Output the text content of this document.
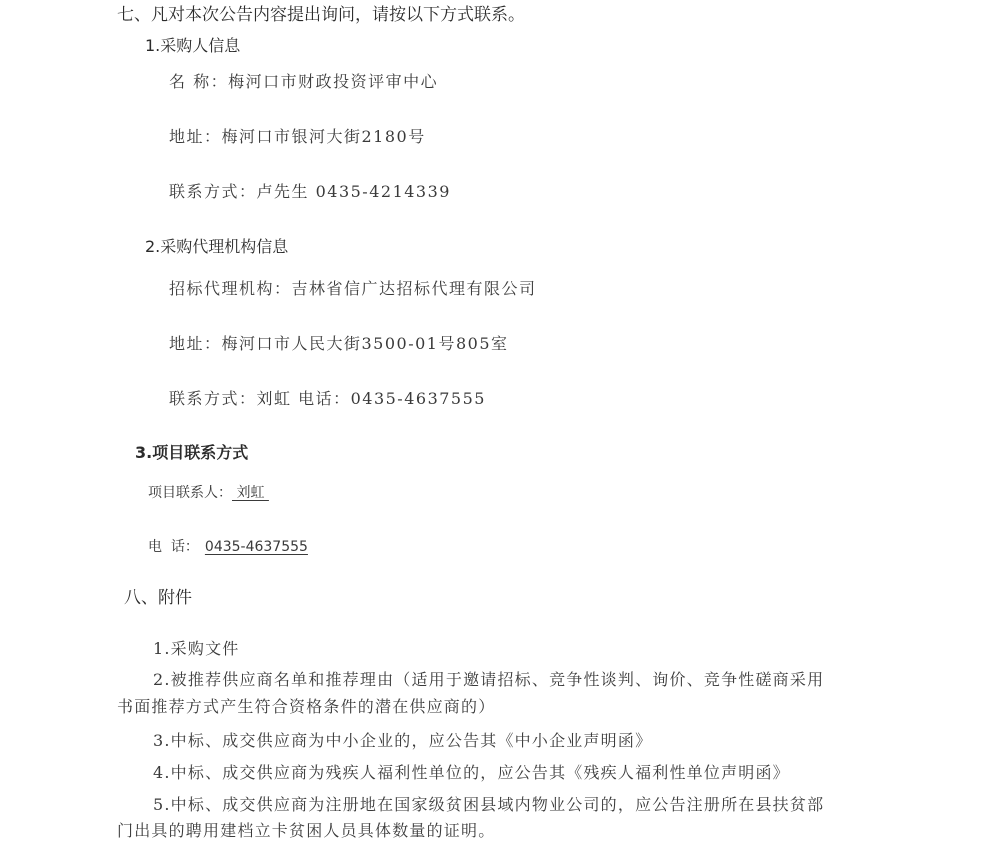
七、凡对本次公告内容提出询问，请按以下方式联系。
1.采购人信息
名 称：梅河口市财政投资评审中心
地址：梅河口市银河大街2180号
联系方式：卢先生 0435-4214339
2.采购代理机构信息
招标代理机构：吉林省信广达招标代理有限公司
地址：梅河口市人民大街3500-01号805室
联系方式：刘虹 电话：0435-4637555
3.项目联系方式
项目联系人： 刘虹
电  话： 0435-4637555
八、附件
1.采购文件
2.被推荐供应商名单和推荐理由（适用于邀请招标、竞争性谈判、询价、竞争性磋商采用
书面推荐方式产生符合资格条件的潜在供应商的）
3.中标、成交供应商为中小企业的，应公告其《中小企业声明函》
4.中标、成交供应商为残疾人福利性单位的，应公告其《残疾人福利性单位声明函》
5.中标、成交供应商为注册地在国家级贫困县域内物业公司的，应公告注册所在县扶贫部
门出具的聘用建档立卡贫困人员具体数量的证明。
